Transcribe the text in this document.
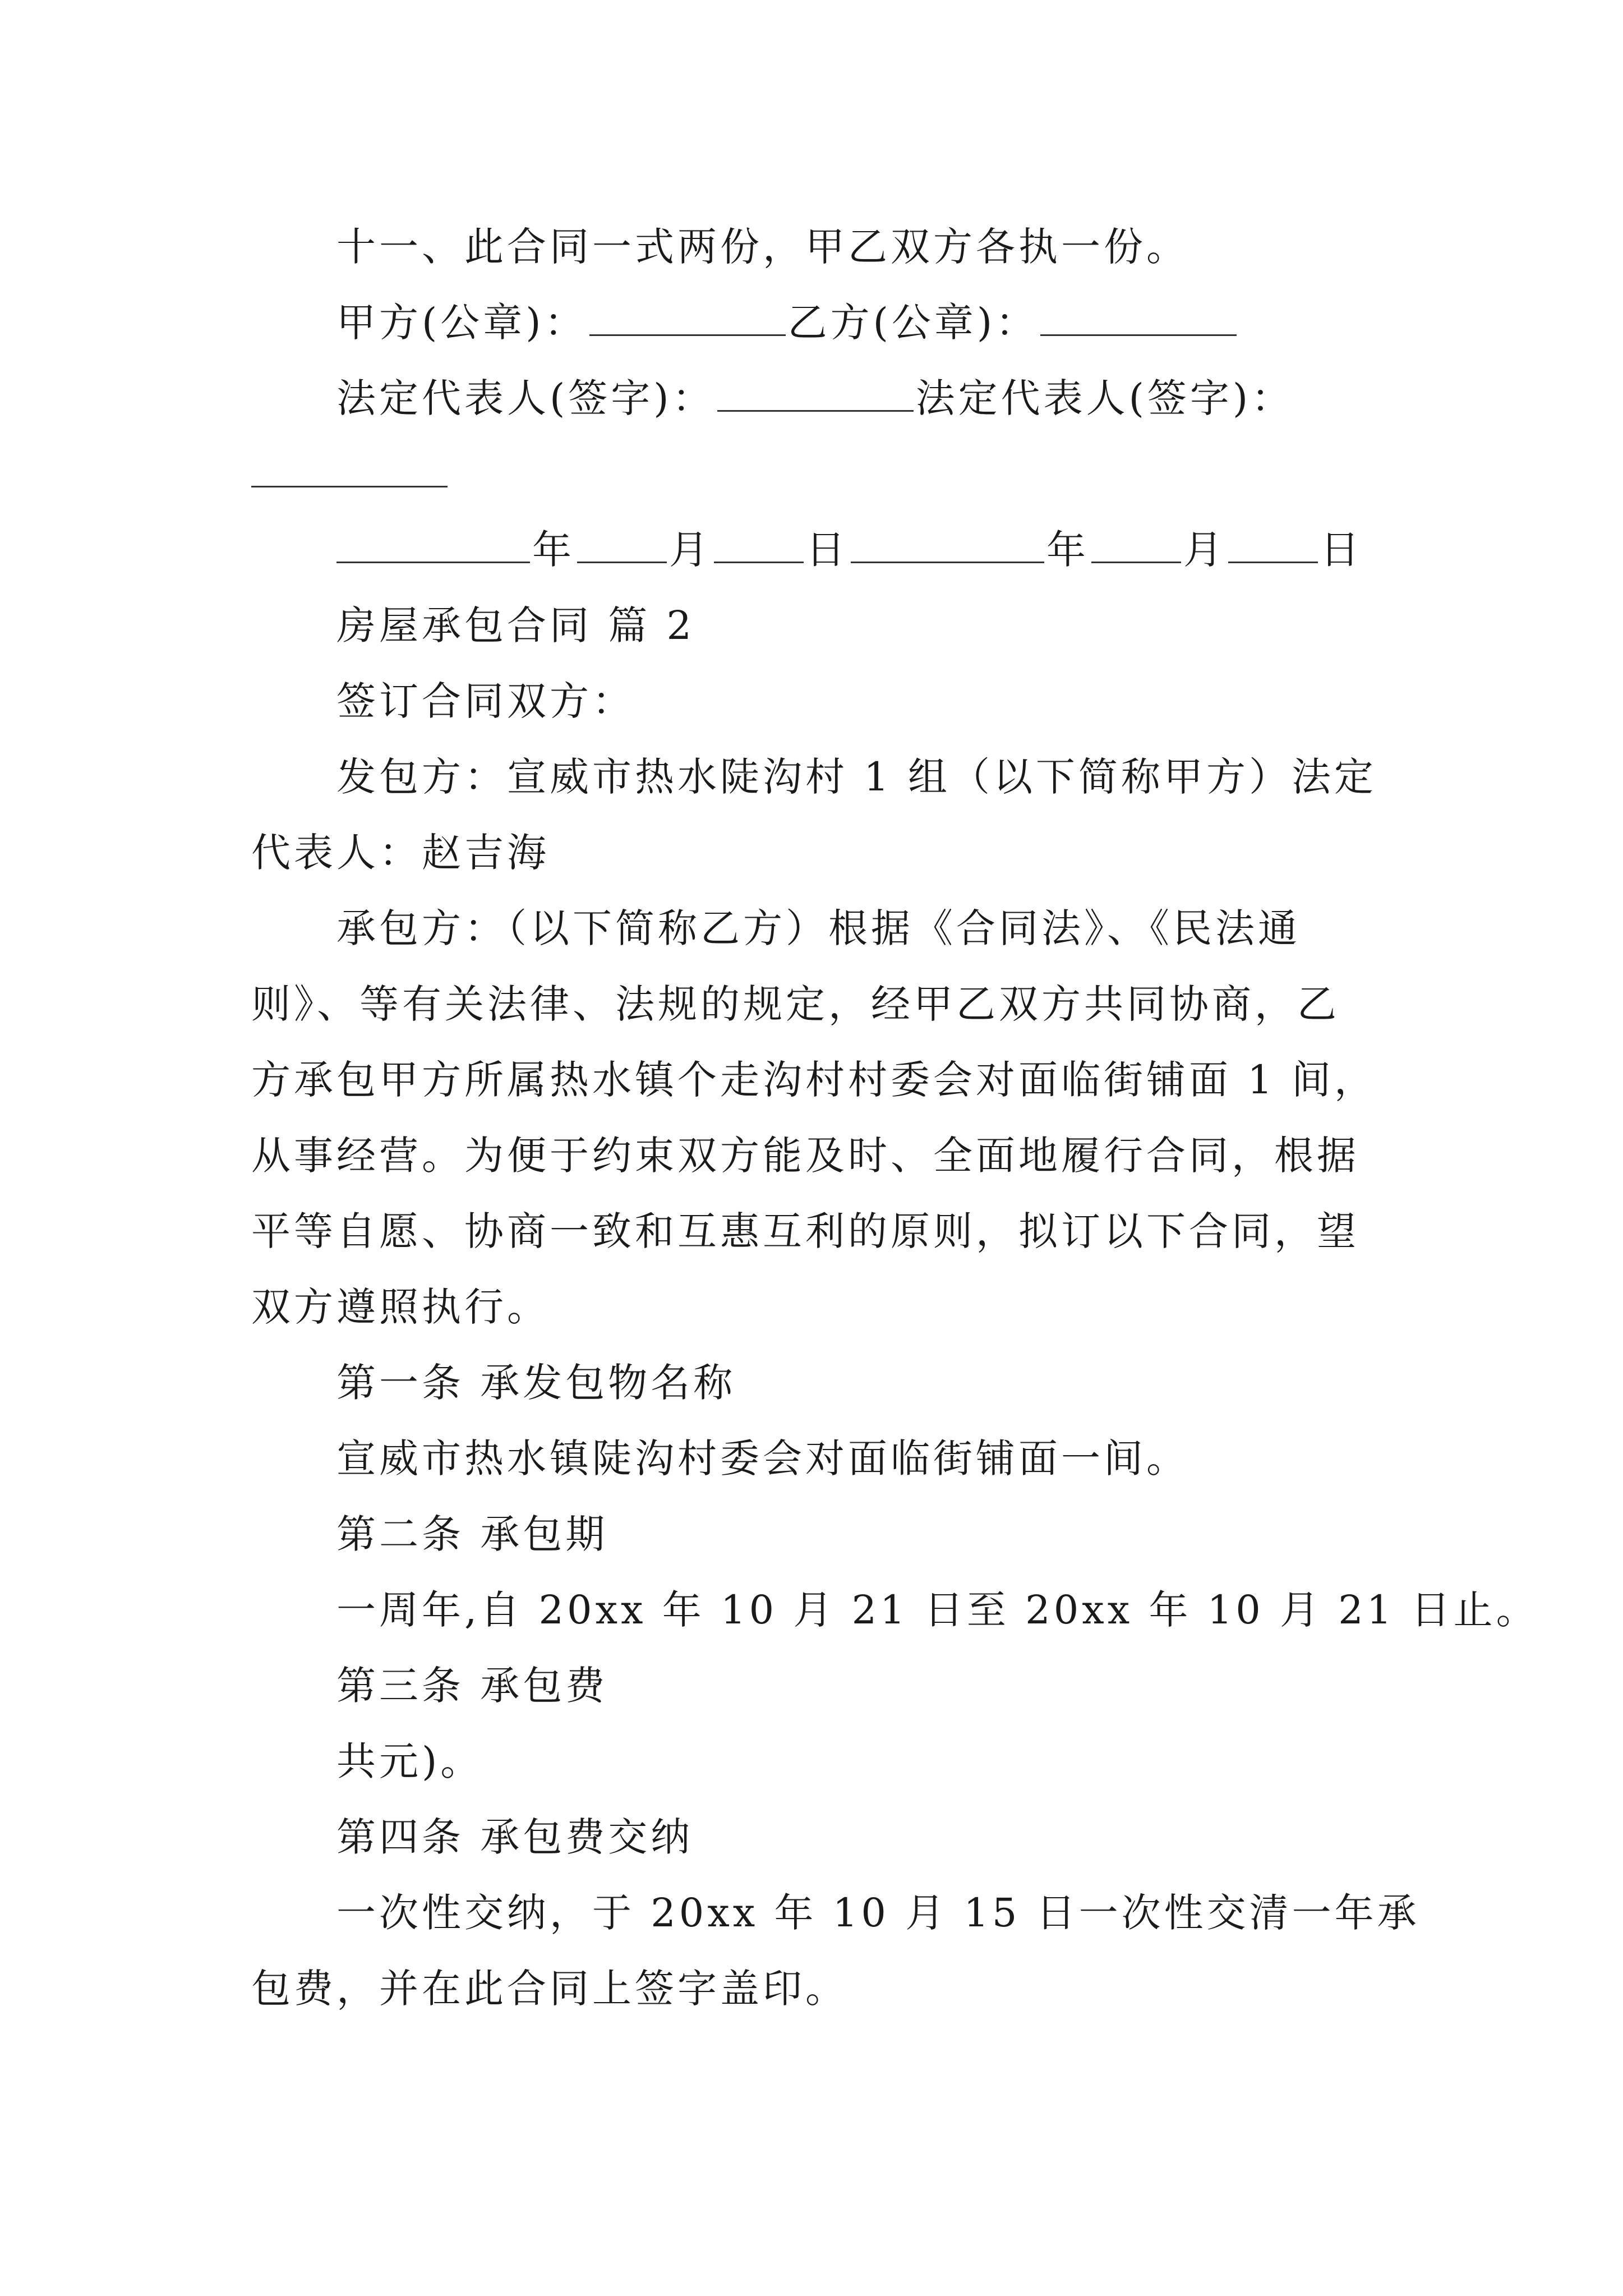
十一、此合同一式两份，甲乙双方各执一份。
甲方(公章)：	乙方(公章)：
法定代表人(签字)：	法定代表人(签字)：
年 月 日	年 月 日
房屋承包合同 篇 2
签订合同双方：
发包方：宣威市热水陡沟村 1 组（以下简称甲方）法定
代表人：赵吉海
承包方：（以下简称乙方）根据《合同法》、《民法通
则》、等有关法律、法规的规定，经甲乙双方共同协商，乙
方承包甲方所属热水镇个走沟村村委会对面临街铺面 1 间，
从事经营。为便于约束双方能及时、全面地履行合同，根据
平等自愿、协商一致和互惠互利的原则，拟订以下合同，望
双方遵照执行。
第一条 承发包物名称
宣威市热水镇陡沟村委会对面临街铺面一间。
第二条 承包期
一周年,自 20xx 年 10 月 21 日至 20xx 年 10 月 21 日止。
第三条 承包费
共元)。
第四条 承包费交纳
一次性交纳，于 20xx 年 10 月 15 日一次性交清一年承
包费，并在此合同上签字盖印。
